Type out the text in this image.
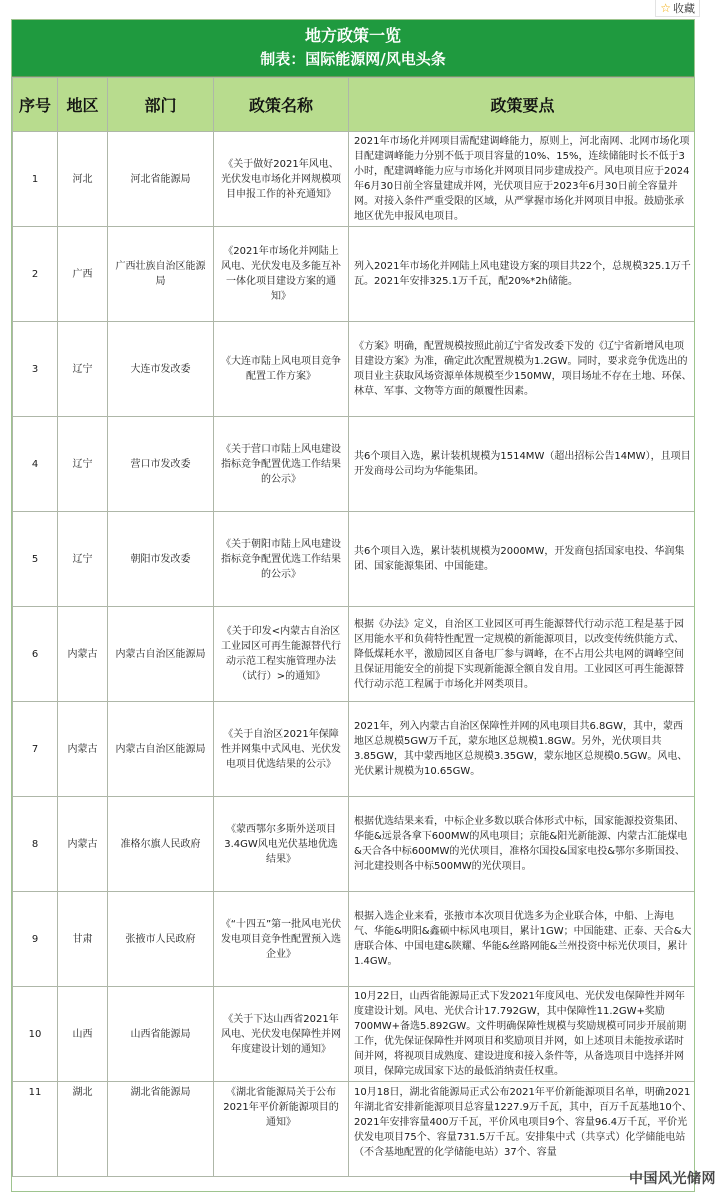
☆ 收藏
地方政策一览
制表：国际能源网/风电头条
序号	地区	部门	政策名称	政策要点
1	河北	河北省能源局	《关于做好2021年风电、光伏发电市场化并网规模项目申报工作的补充通知》	2021年市场化并网项目需配建调峰能力，原则上，河北南网、北网市场化项目配建调峰能力分别不低于项目容量的10%、15%，连续储能时长不低于3小时，配建调峰能力应与市场化并网项目同步建成投产。风电项目应于2024年6月30日前全容量建成并网，光伏项目应于2023年6月30日前全容量并网。对接入条件严重受限的区域，从严掌握市场化并网项目申报。鼓励张承地区优先申报风电项目。
2	广西	广西壮族自治区能源局	《2021年市场化并网陆上风电、光伏发电及多能互补一体化项目建设方案的通知》	列入2021年市场化并网陆上风电建设方案的项目共22个，总规模325.1万千瓦。2021年安排325.1万千瓦，配20%*2h储能。
3	辽宁	大连市发改委	《大连市陆上风电项目竞争配置工作方案》	《方案》明确，配置规模按照此前辽宁省发改委下发的《辽宁省新增风电项目建设方案》为准，确定此次配置规模为1.2GW。同时，要求竞争优选出的项目业主获取风场资源单体规模至少150MW，项目场址不存在土地、环保、林草、军事、文物等方面的颠覆性因素。
4	辽宁	营口市发改委	《关于营口市陆上风电建设指标竞争配置优选工作结果的公示》	共6个项目入选，累计装机规模为1514MW（超出招标公告14MW），且项目开发商母公司均为华能集团。
5	辽宁	朝阳市发改委	《关于朝阳市陆上风电建设指标竞争配置优选工作结果的公示》	共6个项目入选，累计装机规模为2000MW，开发商包括国家电投、华润集团、国家能源集团、中国能建。
6	内蒙古	内蒙古自治区能源局	《关于印发<内蒙古自治区工业园区可再生能源替代行动示范工程实施管理办法（试行）>的通知》	根据《办法》定义，自治区工业园区可再生能源替代行动示范工程是基于园区用能水平和负荷特性配置一定规模的新能源项目，以改变传统供能方式、降低煤耗水平，激励园区自备电厂参与调峰，在不占用公共电网的调峰空间且保证用能安全的前提下实现新能源全额自发自用。工业园区可再生能源替代行动示范工程属于市场化并网类项目。
7	内蒙古	内蒙古自治区能源局	《关于自治区2021年保障性并网集中式风电、光伏发电项目优选结果的公示》	2021年，列入内蒙古自治区保障性并网的风电项目共6.8GW，其中，蒙西地区总规模5GW万千瓦，蒙东地区总规模1.8GW。另外，光伏项目共3.85GW，其中蒙西地区总规模3.35GW，蒙东地区总规模0.5GW。风电、光伏累计规模为10.65GW。
8	内蒙古	准格尔旗人民政府	《蒙西鄂尔多斯外送项目3.4GW风电光伏基地优选结果》	根据优选结果来看，中标企业多数以联合体形式中标，国家能源投资集团、华能&远景各拿下600MW的风电项目；京能&阳光新能源、内蒙古汇能煤电&天合各中标600MW的光伏项目，准格尔国投&国家电投&鄂尔多斯国投、河北建投则各中标500MW的光伏项目。
9	甘肃	张掖市人民政府	《“十四五”第一批风电光伏发电项目竞争性配置预入选企业》	根据入选企业来看，张掖市本次项目优选多为企业联合体，中船、上海电气、华能&明阳&鑫硕中标风电项目，累计1GW；中国能建、正泰、天合&大唐联合体、中国电建&陕耀、华能&丝路网能&兰州投资中标光伏项目，累计1.4GW。
10	山西	山西省能源局	《关于下达山西省2021年风电、光伏发电保障性并网年度建设计划的通知》	10月22日，山西省能源局正式下发2021年度风电、光伏发电保障性并网年度建设计划。风电、光伏合计17.792GW，其中保障性11.2GW+奖励700MW+备选5.892GW。文件明确保障性规模与奖励规模可同步开展前期工作，优先保证保障性并网项目和奖励项目并网，如上述项目未能按承诺时间并网，将视项目成熟度、建设进度和接入条件等，从备选项目中选择并网项目，保障完成国家下达的最低消纳责任权重。
11	湖北	湖北省能源局	《湖北省能源局关于公布2021年平价新能源项目的通知》	10月18日，湖北省能源局正式公布2021年平价新能源项目名单，明确2021年湖北省安排新能源项目总容量1227.9万千瓦，其中，百万千瓦基地10个、2021年安排容量400万千瓦，平价风电项目9个、容量96.4万千瓦，平价光伏发电项目75个、容量731.5万千瓦。安排集中式（共享式）化学储能电站（不含基地配置的化学储能电站）37个、容量
中国风光储网
